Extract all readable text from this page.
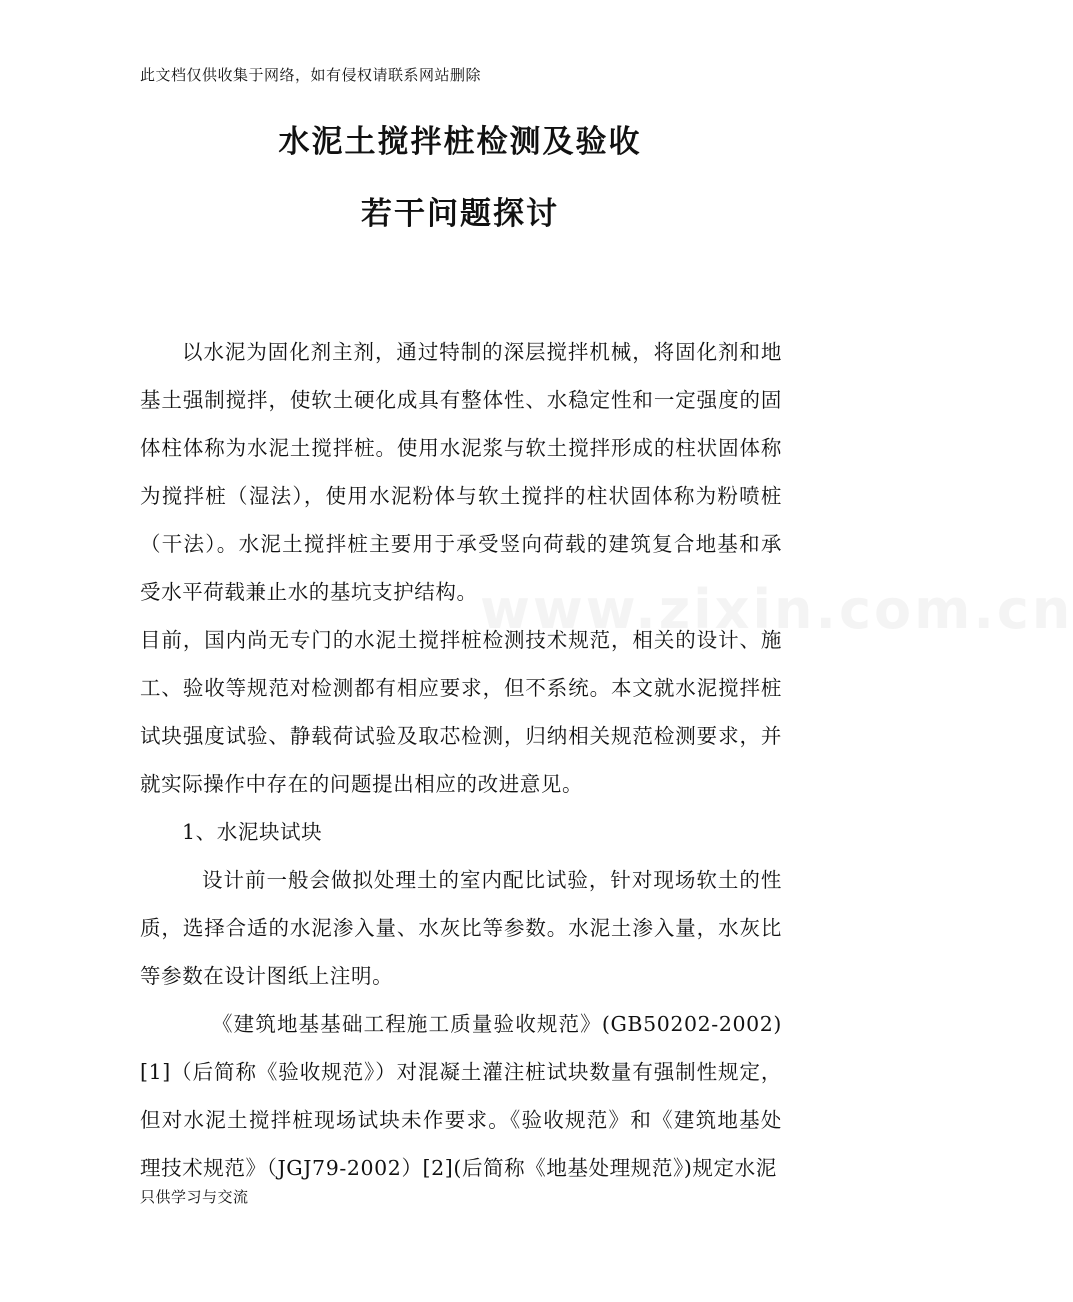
此文档仅供收集于网络，如有侵权请联系网站删除
水泥土搅拌桩检测及验收
若干问题探讨
www.zixin.com.cn

以水泥为固化剂主剂，通过特制的深层搅拌机械，将固化剂和地基土强制搅拌，使软土硬化成具有整体性、水稳定性和一定强度的固体柱体称为水泥土搅拌桩。使用水泥浆与软土搅拌形成的柱状固体称为搅拌桩（湿法），使用水泥粉体与软土搅拌的柱状固体称为粉喷桩（干法）。水泥土搅拌桩主要用于承受竖向荷载的建筑复合地基和承受水平荷载兼止水的基坑支护结构。

目前，国内尚无专门的水泥土搅拌桩检测技术规范，相关的设计、施工、验收等规范对检测都有相应要求，但不系统。本文就水泥搅拌桩试块强度试验、静载荷试验及取芯检测，归纳相关规范检测要求，并就实际操作中存在的问题提出相应的改进意见。

1、水泥块试块

设计前一般会做拟处理土的室内配比试验，针对现场软土的性质，选择合适的水泥渗入量、水灰比等参数。水泥土渗入量，水灰比等参数在设计图纸上注明。

《建筑地基基础工程施工质量验收规范》(GB50202-2002)[1]（后简称《验收规范》）对混凝土灌注桩试块数量有强制性规定，但对水泥土搅拌桩现场试块未作要求。《验收规范》和《建筑地基处理技术规范》（JGJ79-2002）[2](后简称《地基处理规范》)规定水泥

只供学习与交流
